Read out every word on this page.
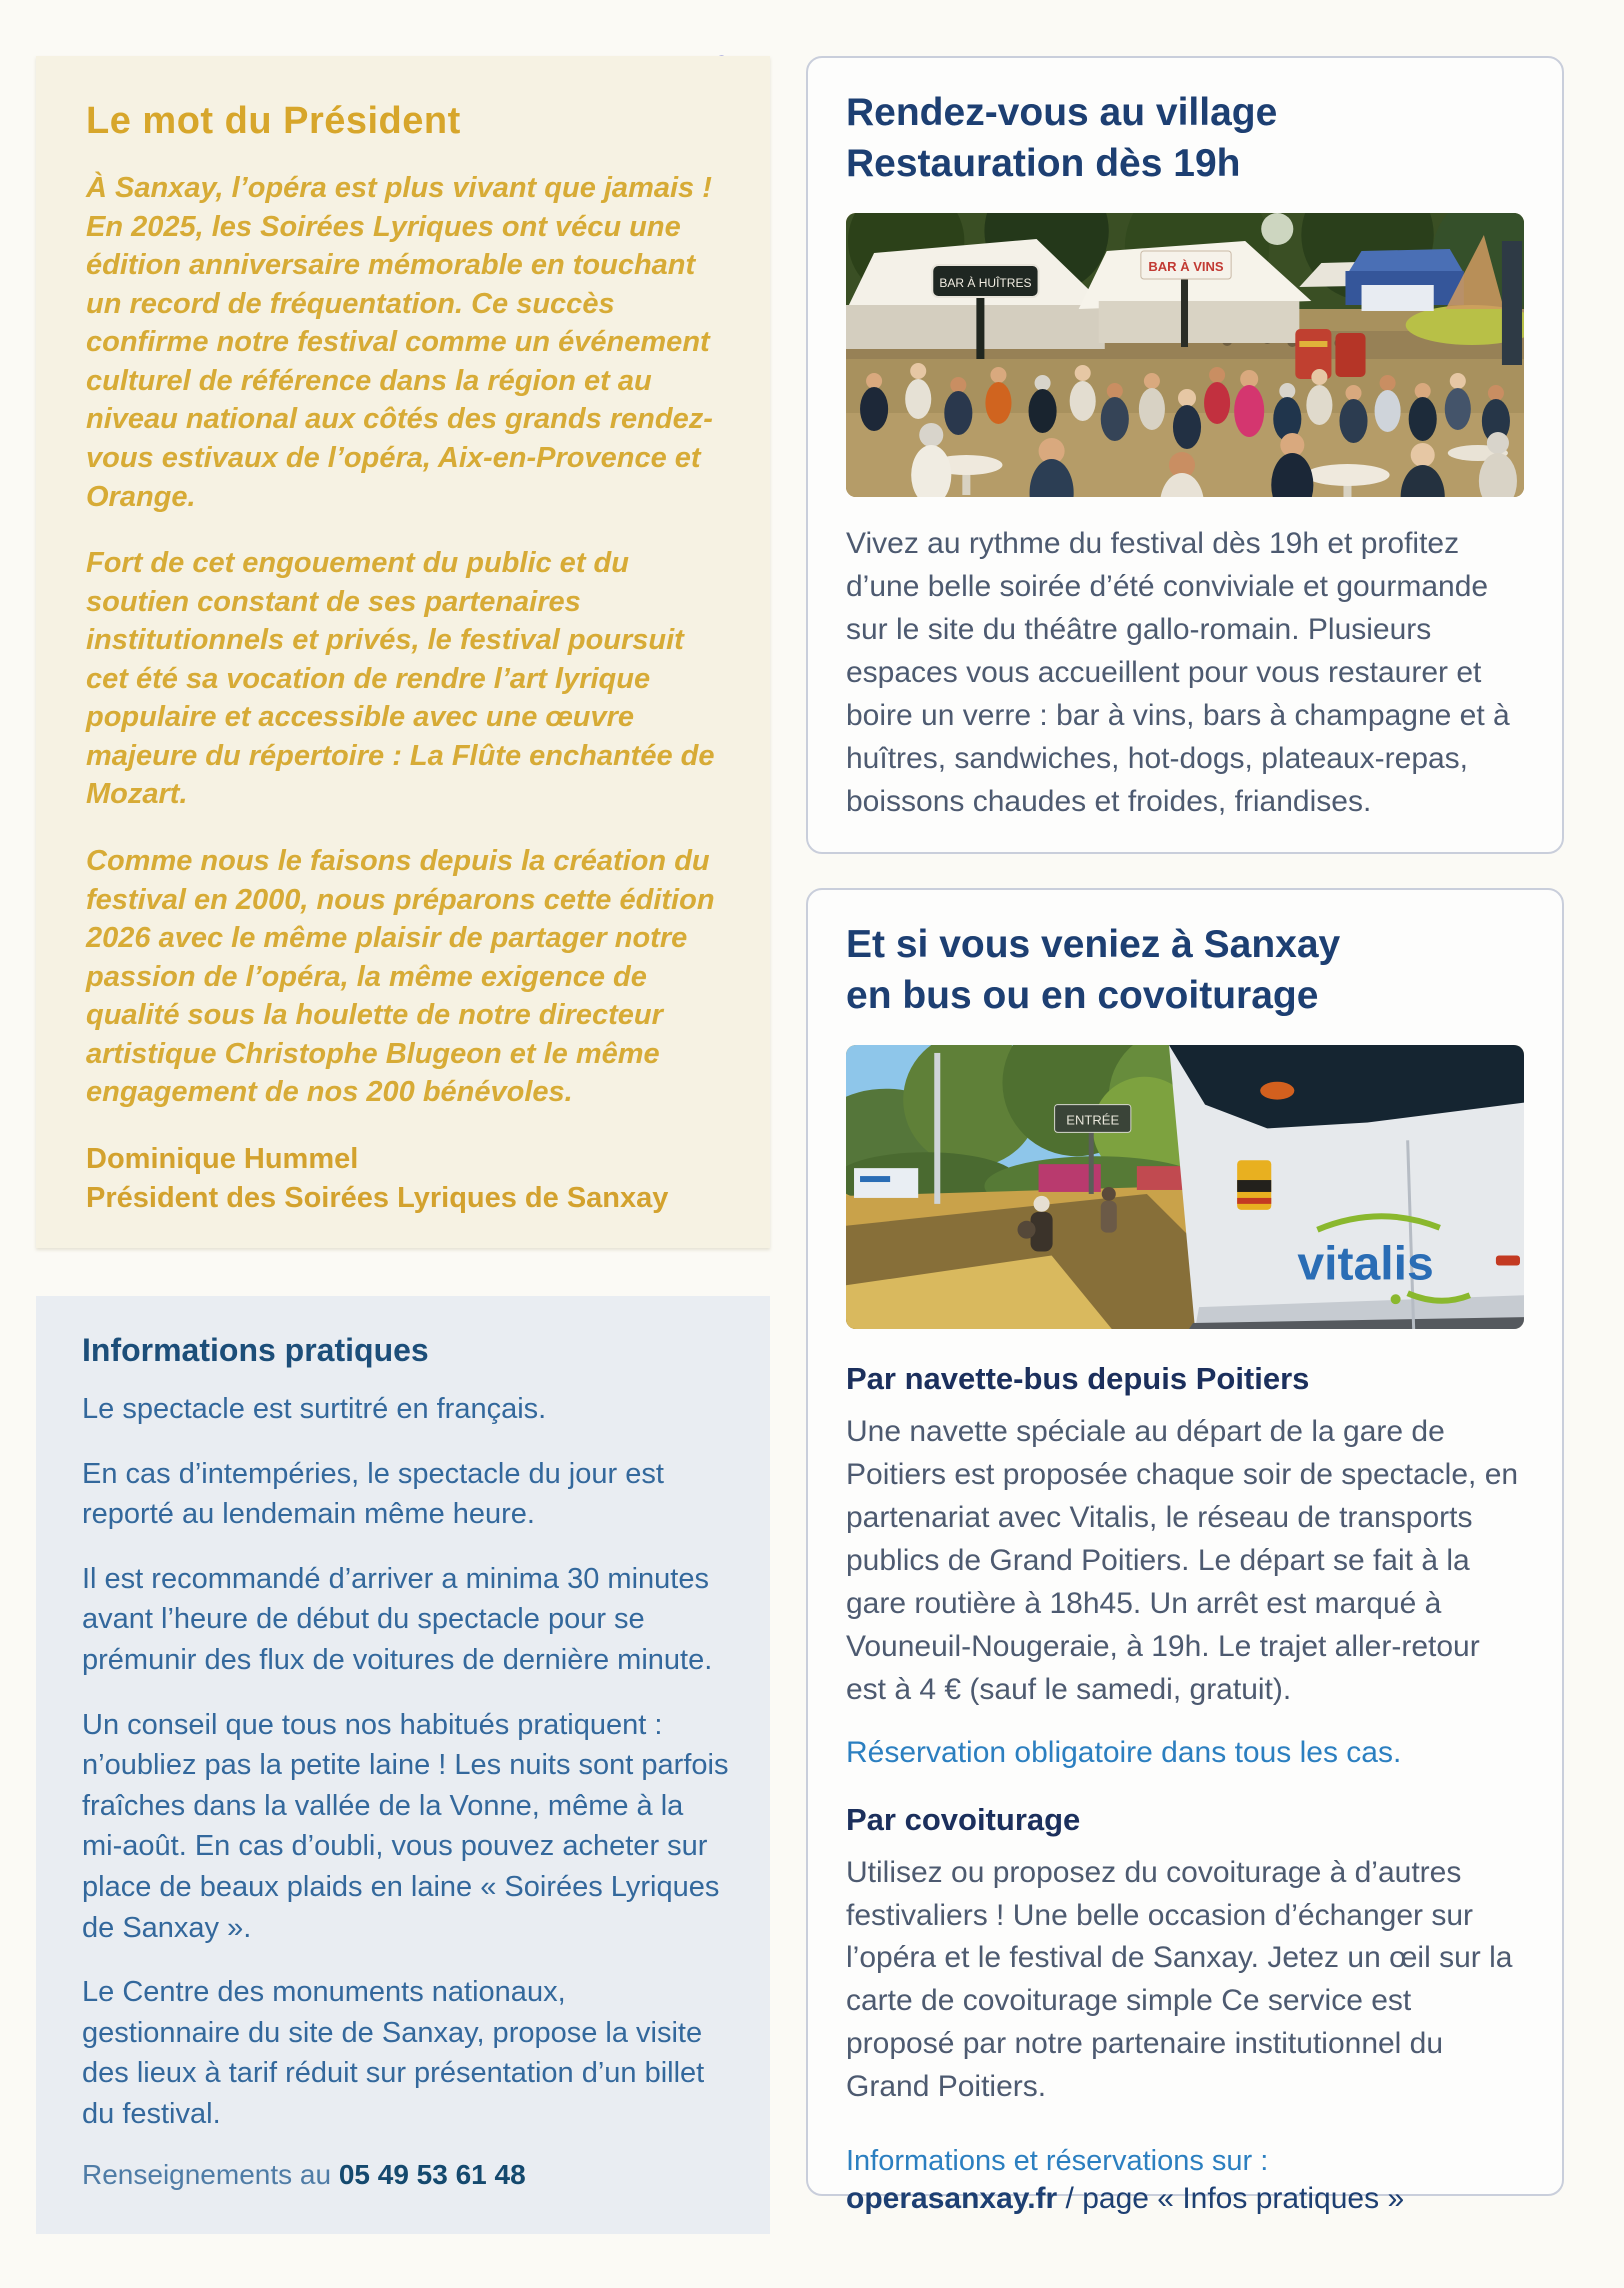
Le mot du Président

À Sanxay, l’opéra est plus vivant que jamais ! En 2025, les Soirées Lyriques ont vécu une édition anniversaire mémorable en touchant un record de fréquentation. Ce succès confirme notre festival comme un événement culturel de référence dans la région et au niveau national aux côtés des grands rendez-vous estivaux de l’opéra, Aix-en-Provence et Orange.

Fort de cet engouement du public et du soutien constant de ses partenaires institutionnels et privés, le festival poursuit cet été sa vocation de rendre l’art lyrique populaire et accessible avec une œuvre majeure du répertoire : La Flûte enchantée de Mozart.

Comme nous le faisons depuis la création du festival en 2000, nous préparons cette édition 2026 avec le même plaisir de partager notre passion de l’opéra, la même exigence de qualité sous la houlette de notre directeur artistique Christophe Blugeon et le même engagement de nos 200 bénévoles.

Dominique Hummel
Président des Soirées Lyriques de Sanxay

Informations pratiques

Le spectacle est surtitré en français.

En cas d’intempéries, le spectacle du jour est reporté au lendemain même heure.

Il est recommandé d’arriver a minima 30 minutes avant l’heure de début du spectacle pour se prémunir des flux de voitures de dernière minute.

Un conseil que tous nos habitués pratiquent : n’oubliez pas la petite laine ! Les nuits sont parfois fraîches dans la vallée de la Vonne, même à la mi-août. En cas d’oubli, vous pouvez acheter sur place de beaux plaids en laine « Soirées Lyriques de Sanxay ».

Le Centre des monuments nationaux, gestionnaire du site de Sanxay, propose la visite des lieux à tarif réduit sur présentation d’un billet du festival.

Renseignements au 05 49 53 61 48

Rendez-vous au village
Restauration dès 19h
BAR À HUÎTRES
BAR À VINS

Vivez au rythme du festival dès 19h et profitez d’une belle soirée d’été conviviale et gourmande sur le site du théâtre gallo-romain. Plusieurs espaces vous accueillent pour vous restaurer et boire un verre : bar à vins, bars à champagne et à huîtres, sandwiches, hot-dogs, plateaux-repas, boissons chaudes et froides, friandises.

Et si vous veniez à Sanxay
en bus ou en covoiturage
ENTRÉE
vitalis
Par navette-bus depuis Poitiers

Une navette spéciale au départ de la gare de Poitiers est proposée chaque soir de spectacle, en partenariat avec Vitalis, le réseau de transports publics de Grand Poitiers. Le départ se fait à la gare routière à 18h45. Un arrêt est marqué à Vouneuil-Nougeraie, à 19h. Le trajet aller-retour est à 4 € (sauf le samedi, gratuit).

Réservation obligatoire dans tous les cas.

Par covoiturage

Utilisez ou proposez du covoiturage à d’autres festivaliers ! Une belle occasion d’échanger sur l’opéra et le festival de Sanxay. Jetez un œil sur la carte de covoiturage simple Ce service est proposé par notre partenaire institutionnel du Grand Poitiers.

Informations et réservations sur :

operasanxay.fr / page « Infos pratiques »
